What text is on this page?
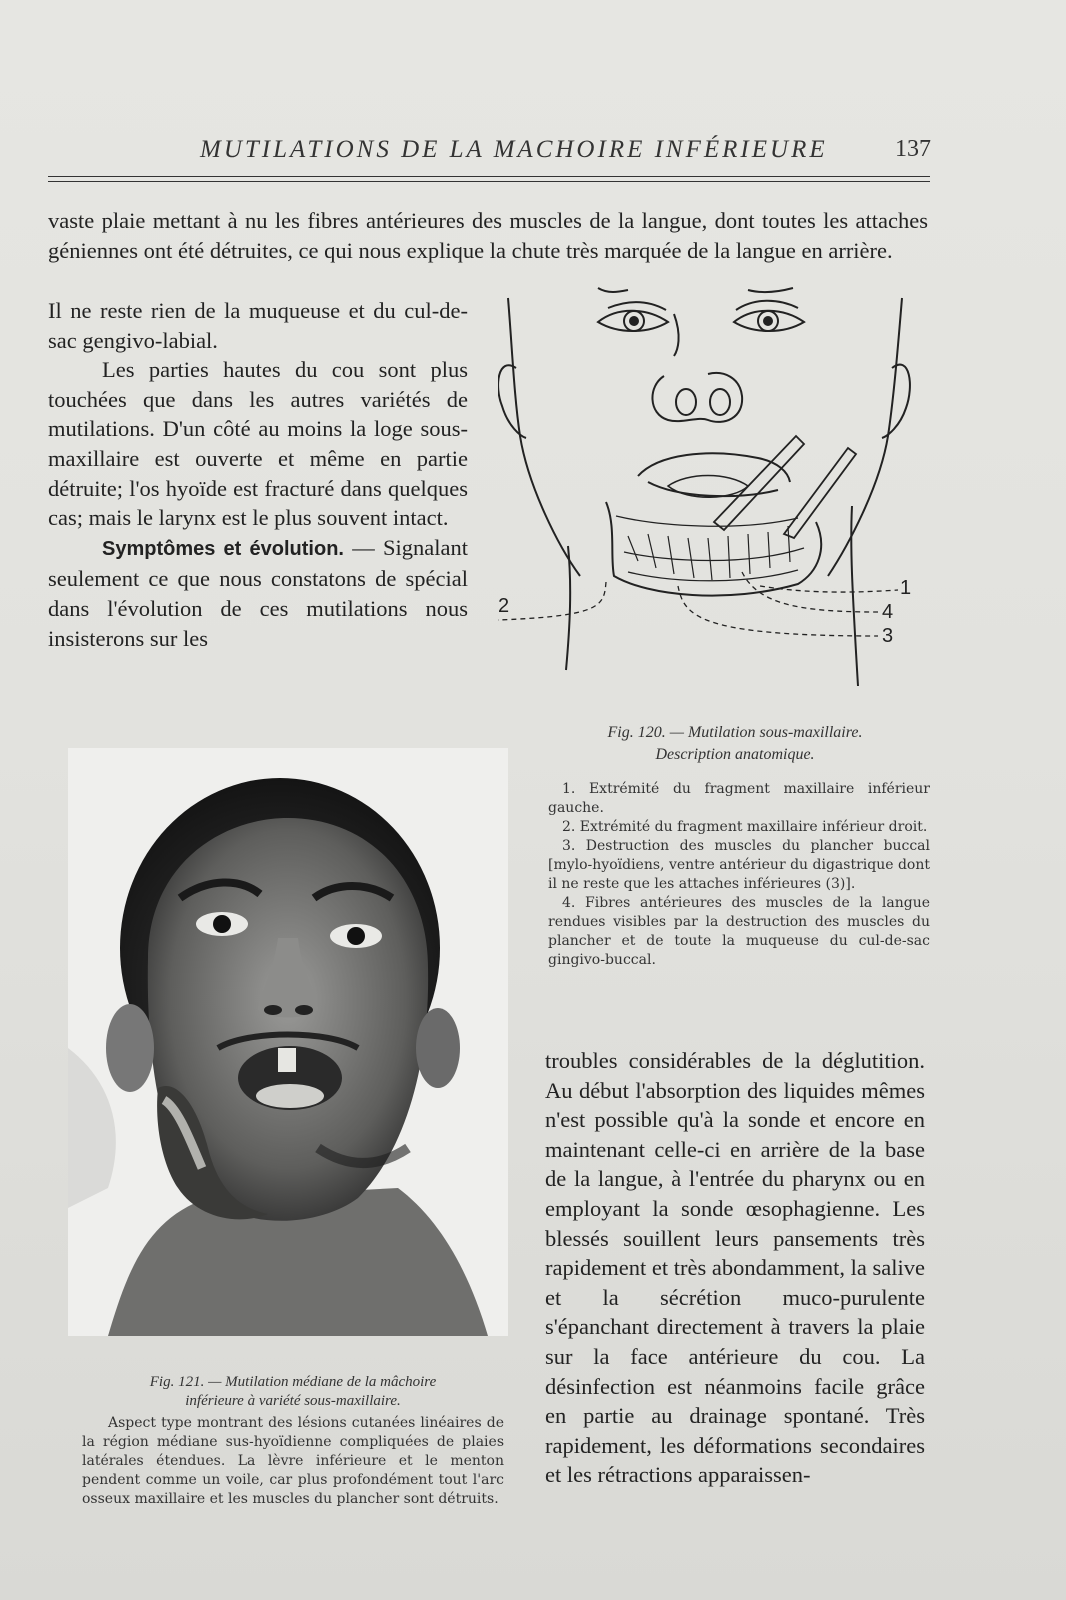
MUTILATIONS DE LA MACHOIRE INFÉRIEURE	137

vaste plaie mettant à nu les fibres antérieures des muscles de la langue, dont toutes les attaches géniennes ont été détruites, ce qui nous explique la chute très marquée de la langue en arrière.

Il ne reste rien de la muqueuse et du cul-de-sac gengivo-labial.

Les parties hautes du cou sont plus touchées que dans les autres variétés de mutilations. D'un côté au moins la loge sous-maxillaire est ouverte et même en partie détruite; l'os hyoïde est fracturé dans quelques cas; mais le larynx est le plus souvent intact.

Symptômes et évolution. — Signalant seulement ce que nous constatons de spécial dans l'évolution de ces mutilations nous insisterons sur les

1
4
3
2
Fig. 120. — Mutilation sous-maxillaire.
Description anatomique.

1. Extrémité du fragment maxillaire inférieur gauche.

2. Extrémité du fragment maxillaire inférieur droit.

3. Destruction des muscles du plancher buccal [mylo-hyoïdiens, ventre antérieur du digastrique dont il ne reste que les attaches inférieures (3)].

4. Fibres antérieures des muscles de la langue rendues visibles par la destruction des muscles du plancher et de toute la muqueuse du cul-de-sac gingivo-buccal.

Fig. 121. — Mutilation médiane de la mâchoire
inférieure à variété sous-maxillaire.

Aspect type montrant des lésions cutanées linéaires de la région médiane sus-hyoïdienne compliquées de plaies latérales étendues. La lèvre inférieure et le menton pendent comme un voile, car plus profondément tout l'arc osseux maxillaire et les muscles du plancher sont détruits.

troubles considérables de la déglutition. Au début l'absorption des liquides mêmes n'est possible qu'à la sonde et encore en maintenant celle-ci en arrière de la base de la langue, à l'entrée du pharynx ou en employant la sonde œsophagienne. Les blessés souillent leurs pansements très rapidement et très abondamment, la salive et la sécrétion muco-purulente s'épanchant directement à travers la plaie sur la face antérieure du cou. La désinfection est néanmoins facile grâce en partie au drainage spontané. Très rapidement, les déformations secondaires et les rétractions apparaissen-
